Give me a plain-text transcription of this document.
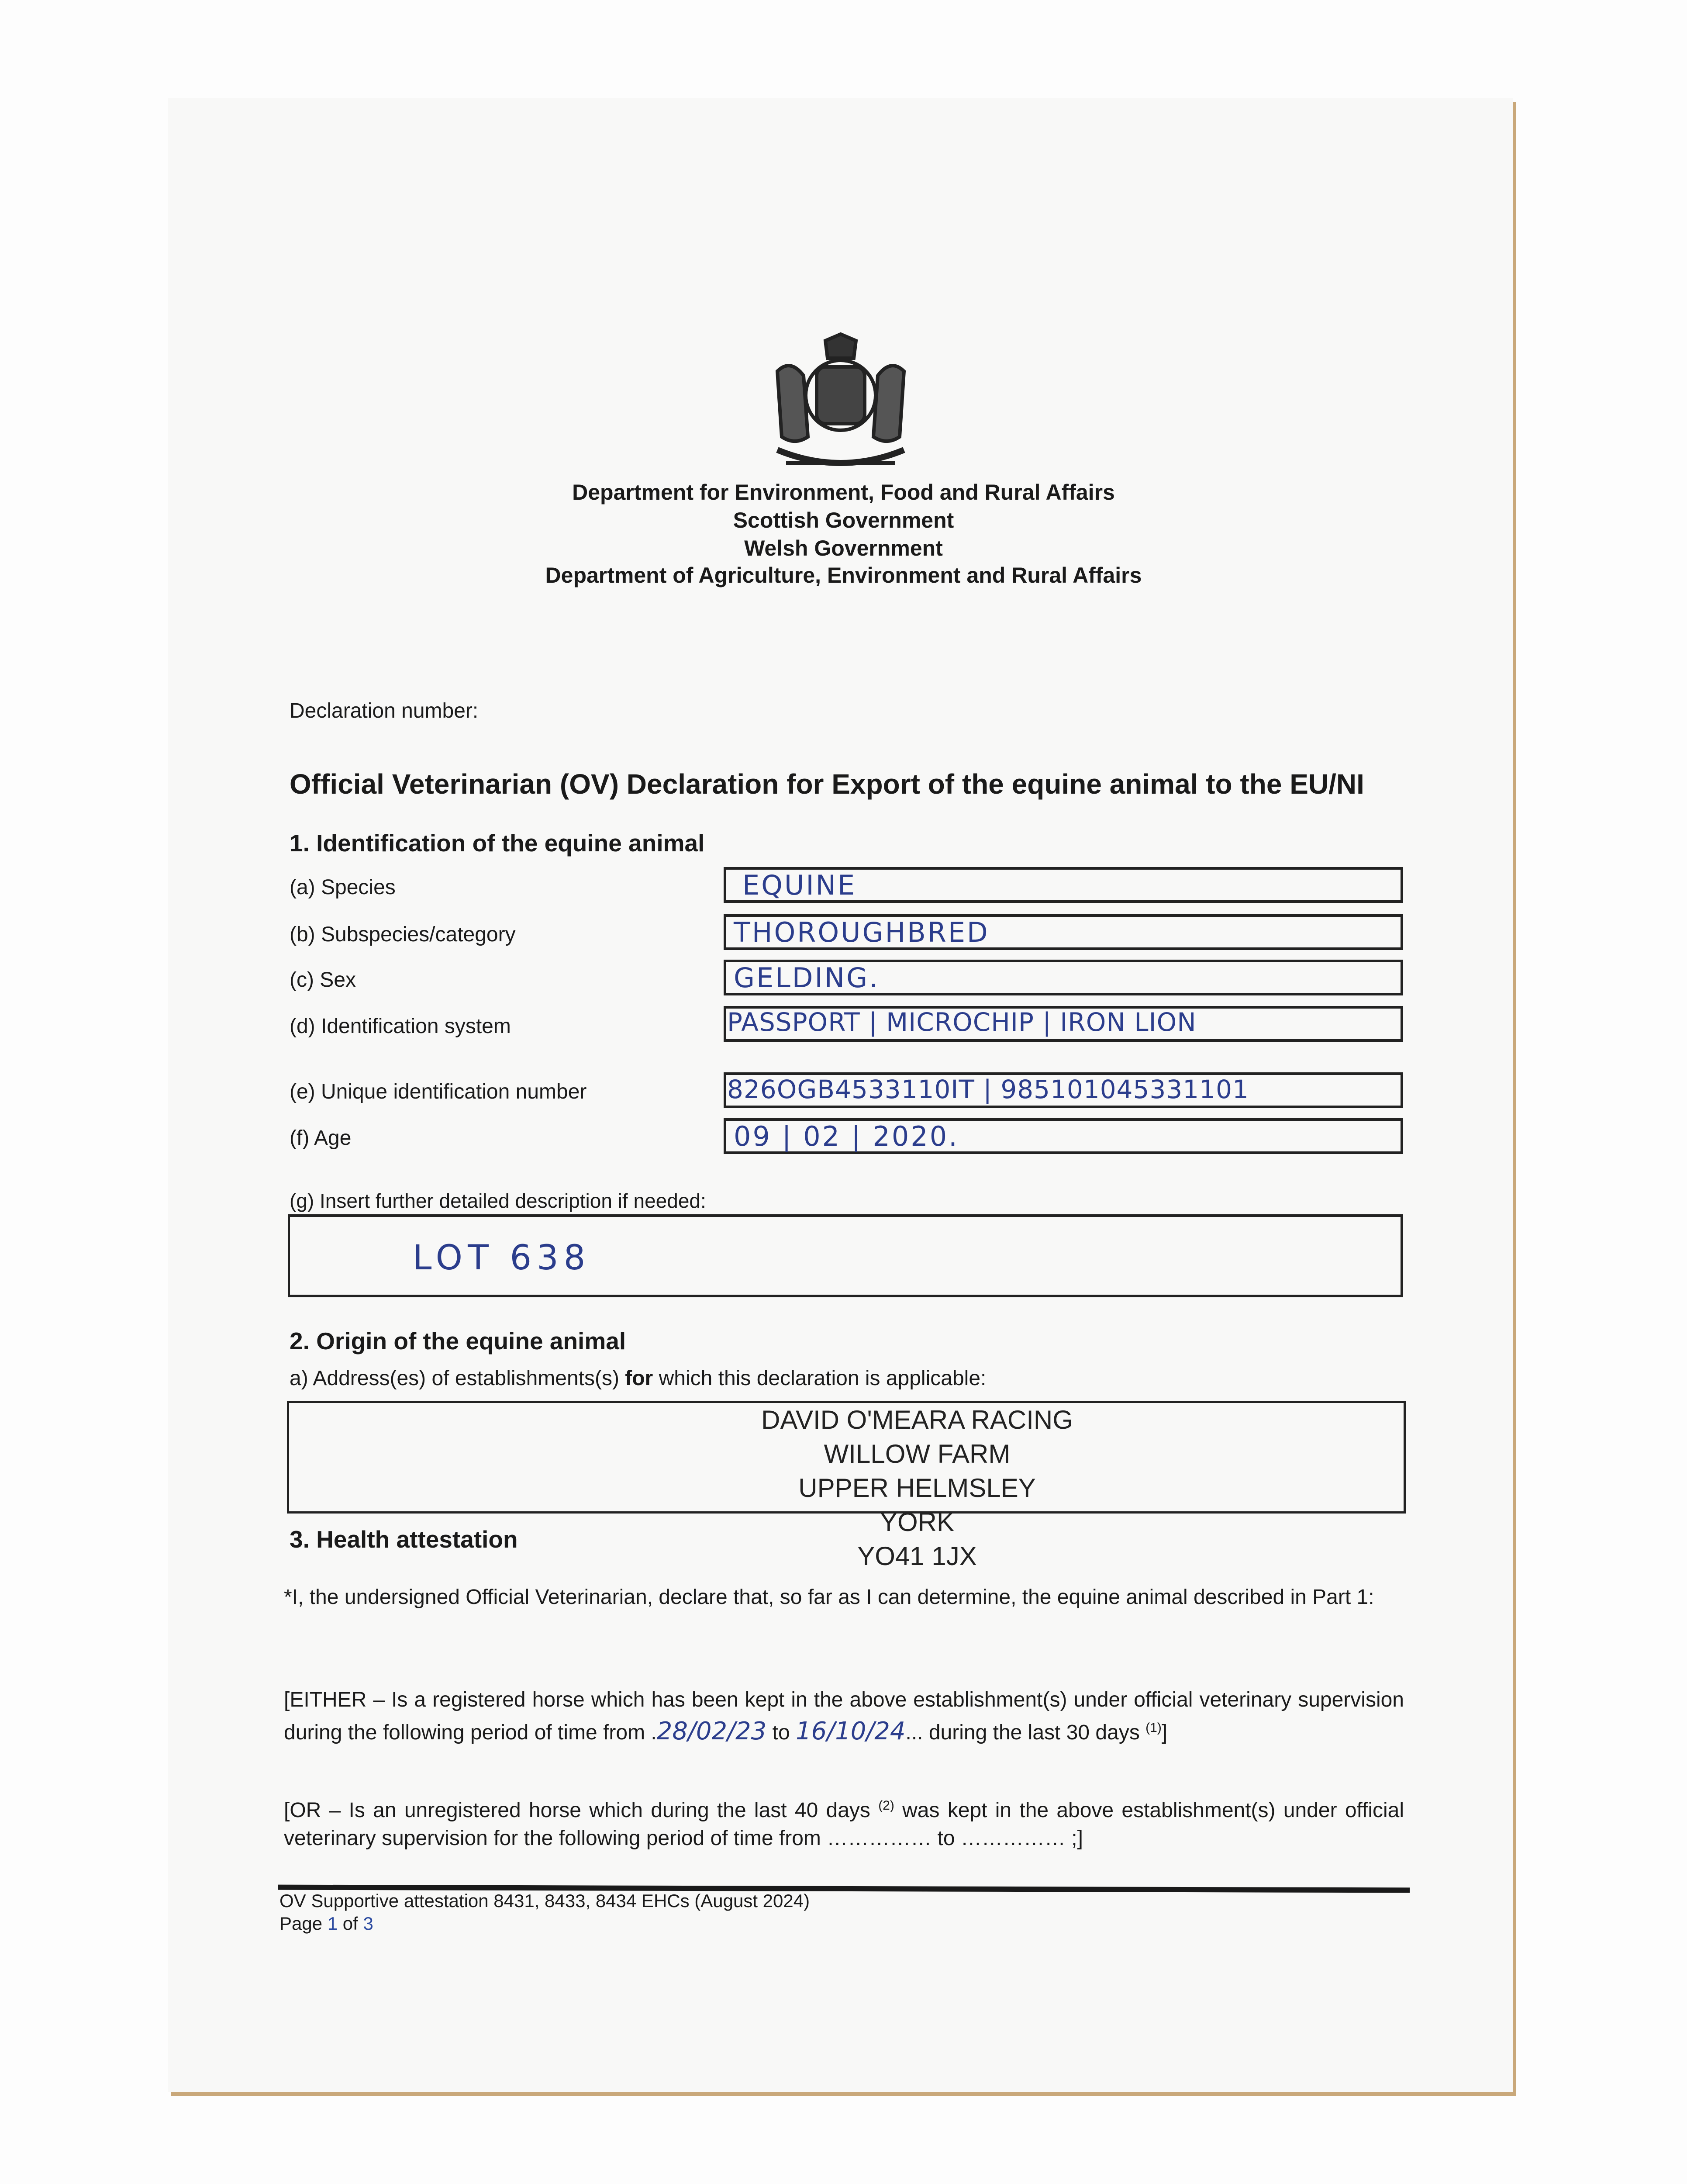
Department for Environment, Food and Rural Affairs
Scottish Government
Welsh Government
Department of Agriculture, Environment and Rural Affairs
Declaration number:
Official Veterinarian (OV) Declaration for Export of the equine animal to the EU/NI
1. Identification of the equine animal
(a) Species	EQUINE
(b) Subspecies/category	THOROUGHBRED
(c) Sex	GELDING.
(d) Identification system	PASSPORT | MICROCHIP | IRON LION
(e) Unique identification number	826OGB4533110IT | 985101045331101
(f) Age	09 | 02 | 2020.
(g) Insert further detailed description if needed:
LOT 638
2. Origin of the equine animal
a) Address(es) of establishments(s) for which this declaration is applicable:
DAVID O'MEARA RACING
WILLOW FARM
UPPER HELMSLEY
YORK
YO41 1JX
3. Health attestation
*I, the undersigned Official Veterinarian, declare that, so far as I can determine, the equine animal described in Part 1:
[EITHER – Is a registered horse which has been kept in the above establishment(s) under official veterinary supervision during the following period of time from .28/02/23 to 16/10/24... during the last 30 days $^{(1)}$]
[OR – Is an unregistered horse which during the last 40 days $^{(2)}$ was kept in the above establishment(s) under official veterinary supervision for the following period of time from …………… to …………… ;]
OV Supportive attestation 8431, 8433, 8434 EHCs (August 2024)
Page 1 of 3
